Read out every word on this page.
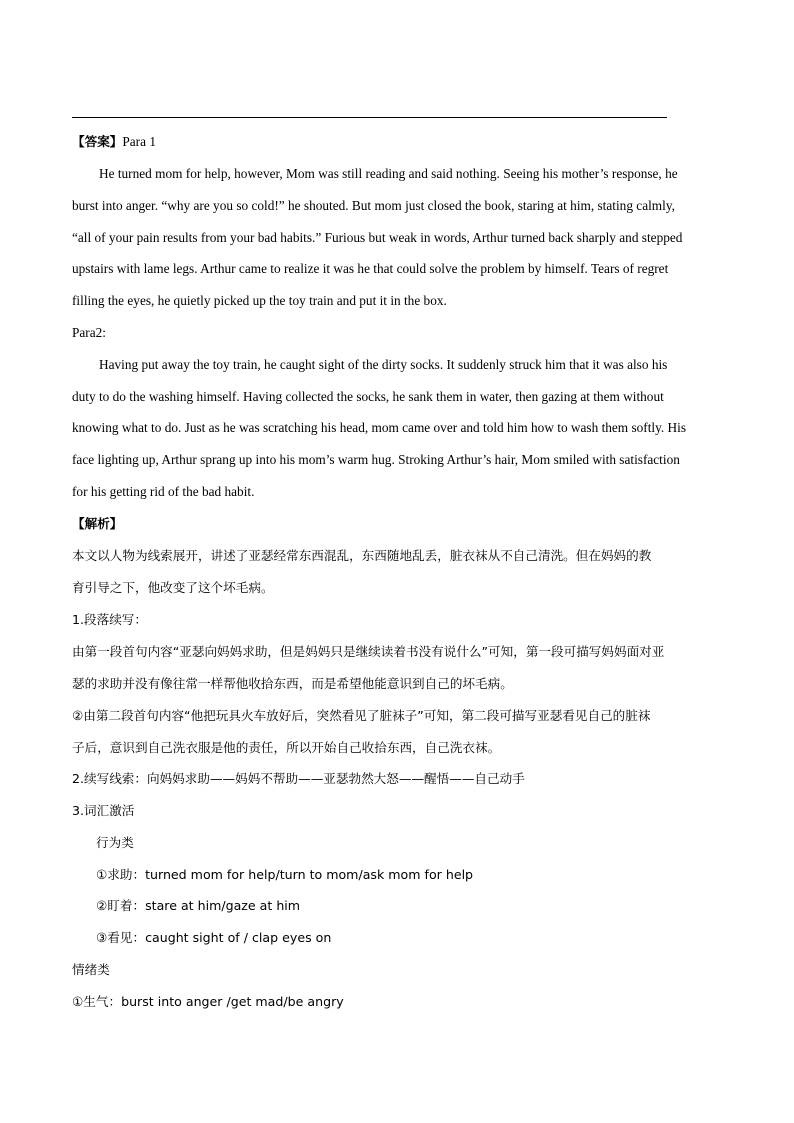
【答案】Para 1
He turned mom for help, however, Mom was still reading and said nothing. Seeing his mother’s response, he
burst into anger. “why are you so cold!” he shouted. But mom just closed the book, staring at him, stating calmly,
“all of your pain results from your bad habits.” Furious but weak in words, Arthur turned back sharply and stepped
upstairs with lame legs. Arthur came to realize it was he that could solve the problem by himself. Tears of regret
filling the eyes, he quietly picked up the toy train and put it in the box.
Para2:
Having put away the toy train, he caught sight of the dirty socks. It suddenly struck him that it was also his
duty to do the washing himself. Having collected the socks, he sank them in water, then gazing at them without
knowing what to do. Just as he was scratching his head, mom came over and told him how to wash them softly. His
face lighting up, Arthur sprang up into his mom’s warm hug. Stroking Arthur’s hair, Mom smiled with satisfaction
for his getting rid of the bad habit.
【解析】
本文以人物为线索展开，讲述了亚瑟经常东西混乱，东西随地乱丢，脏衣袜从不自己清洗。但在妈妈的教
育引导之下，他改变了这个坏毛病。
1.段落续写：
由第一段首句内容“亚瑟向妈妈求助，但是妈妈只是继续读着书没有说什么”可知，第一段可描写妈妈面对亚
瑟的求助并没有像往常一样帮他收拾东西，而是希望他能意识到自己的坏毛病。
②由第二段首句内容“他把玩具火车放好后，突然看见了脏袜子”可知，第二段可描写亚瑟看见自己的脏袜
子后，意识到自己洗衣服是他的责任，所以开始自己收拾东西，自己洗衣袜。
2.续写线索：向妈妈求助——妈妈不帮助——亚瑟勃然大怒——醒悟——自己动手
3.词汇激活
行为类
①求助：turned mom for help/turn to mom/ask mom for help
②盯着：stare at him/gaze at him
③看见：caught sight of / clap eyes on
情绪类
①生气：burst into anger /get mad/be angry
